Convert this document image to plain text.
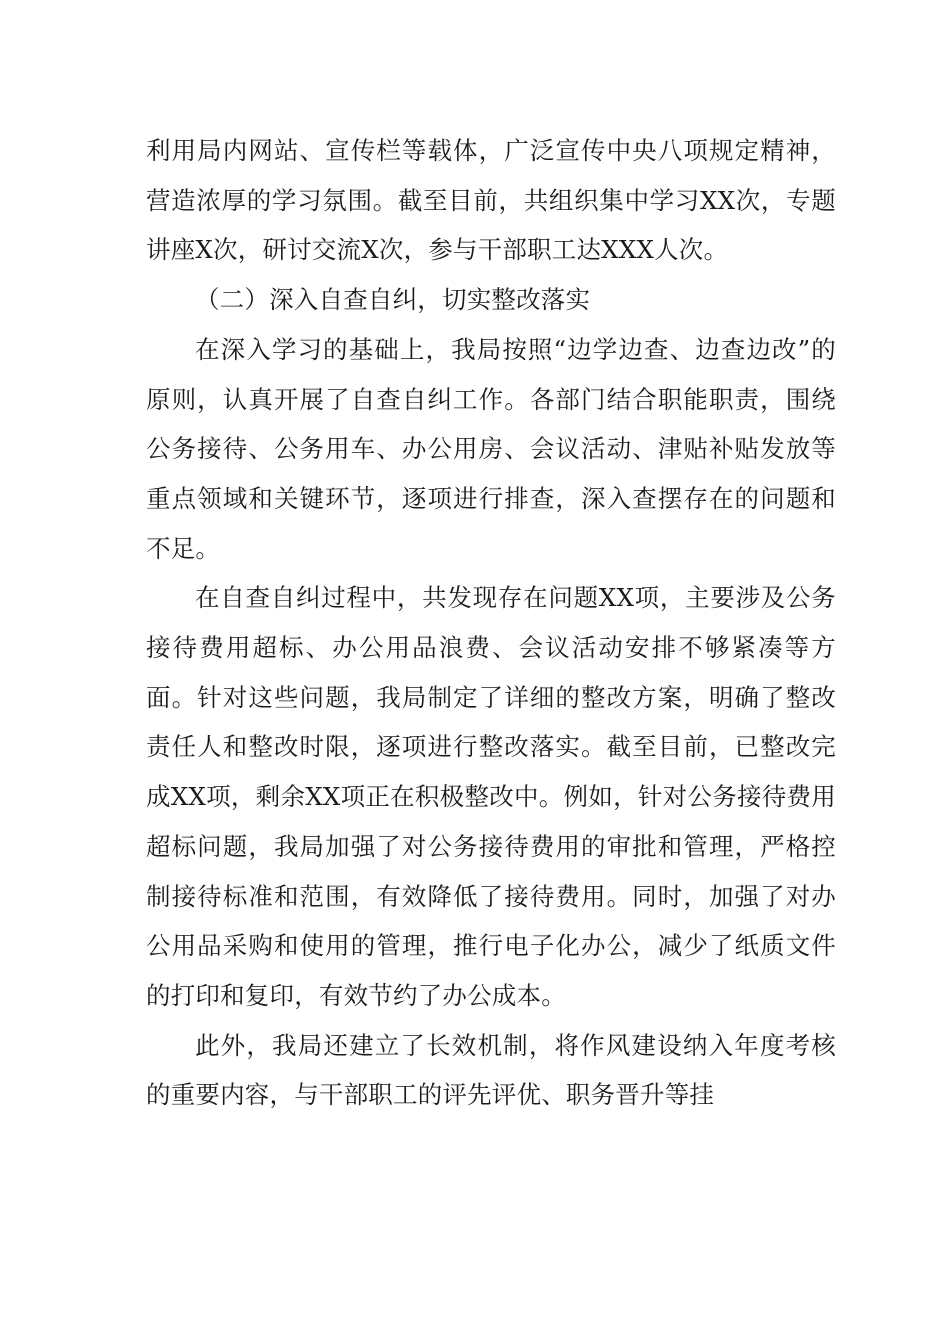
利用局内网站、宣传栏等载体，广泛宣传中央八项规定精神，营造浓厚的学习氛围。截至目前，共组织集中学习XX次，专题讲座X次，研讨交流X次，参与干部职工达XXX人次。

（二）深入自查自纠，切实整改落实

在深入学习的基础上，我局按照“边学边查、边查边改”的原则，认真开展了自查自纠工作。各部门结合职能职责，围绕公务接待、公务用车、办公用房、会议活动、津贴补贴发放等重点领域和关键环节，逐项进行排查，深入查摆存在的问题和不足。

在自查自纠过程中，共发现存在问题XX项，主要涉及公务接待费用超标、办公用品浪费、会议活动安排不够紧凑等方面。针对这些问题，我局制定了详细的整改方案，明确了整改责任人和整改时限，逐项进行整改落实。截至目前，已整改完成XX项，剩余XX项正在积极整改中。例如，针对公务接待费用超标问题，我局加强了对公务接待费用的审批和管理，严格控制接待标准和范围，有效降低了接待费用。同时，加强了对办公用品采购和使用的管理，推行电子化办公，减少了纸质文件的打印和复印，有效节约了办公成本。

此外，我局还建立了长效机制，将作风建设纳入年度考核的重要内容，与干部职工的评先评优、职务晋升等挂
